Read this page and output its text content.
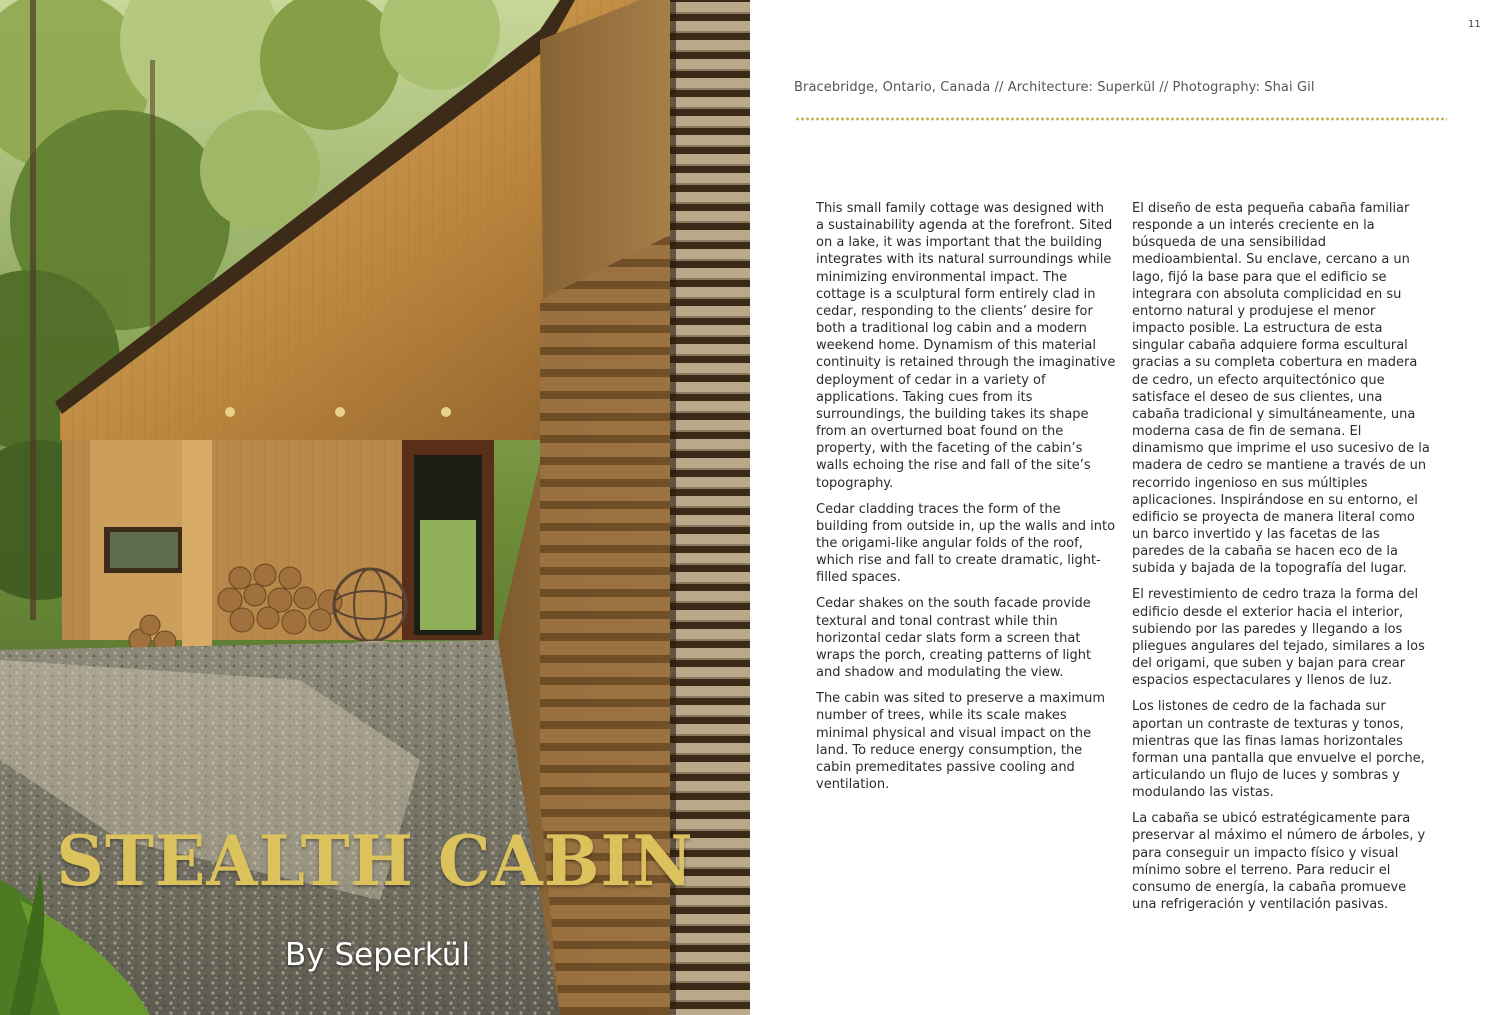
STEALTH CABIN
By Seperkül
11
Bracebridge, Ontario, Canada // Architecture: Superkül // Photography: Shai Gil

This small family cottage was designed with a sustainability agenda at the forefront. Sited on a lake, it was important that the building integrates with its natural surroundings while minimizing environmental impact. The cottage is a sculptural form entirely clad in cedar, responding to the clients’ desire for both a traditional log cabin and a modern weekend home. Dynamism of this material continuity is retained through the imaginative deployment of cedar in a variety of applications. Taking cues from its surroundings, the building takes its shape from an overturned boat found on the property, with the faceting of the cabin’s walls echoing the rise and fall of the site’s topography.

Cedar cladding traces the form of the building from outside in, up the walls and into the origami-like angular folds of the roof, which rise and fall to create dramatic, light-filled spaces.

Cedar shakes on the south facade provide textural and tonal contrast while thin horizontal cedar slats form a screen that wraps the porch, creating patterns of light and shadow and modulating the view.

The cabin was sited to preserve a maximum number of trees, while its scale makes minimal physical and visual impact on the land. To reduce energy consumption, the cabin premeditates passive cooling and ventilation.

El diseño de esta pequeña cabaña familiar responde a un interés creciente en la búsqueda de una sensibilidad medioambiental. Su enclave, cercano a un lago, fijó la base para que el edificio se integrara con absoluta complicidad en su entorno natural y produjese el menor impacto posible. La estructura de esta singular cabaña adquiere forma escultural gracias a su completa cobertura en madera de cedro, un efecto arquitectónico que satisface el deseo de sus clientes, una cabaña tradicional y simultáneamente, una moderna casa de fin de semana. El dinamismo que imprime el uso sucesivo de la madera de cedro se mantiene a través de un recorrido ingenioso en sus múltiples aplicaciones. Inspirándose en su entorno, el edificio se proyecta de manera literal como un barco invertido y las facetas de las paredes de la cabaña se hacen eco de la subida y bajada de la topografía del lugar.

El revestimiento de cedro traza la forma del edificio desde el exterior hacia el interior, subiendo por las paredes y llegando a los pliegues angulares del tejado, similares a los del origami, que suben y bajan para crear espacios espectaculares y llenos de luz.

Los listones de cedro de la fachada sur aportan un contraste de texturas y tonos, mientras que las finas lamas horizontales forman una pantalla que envuelve el porche, articulando un flujo de luces y sombras y modulando las vistas.

La cabaña se ubicó estratégicamente para preservar al máximo el número de árboles, y para conseguir un impacto físico y visual mínimo sobre el terreno. Para reducir el consumo de energía, la cabaña promueve una refrigeración y ventilación pasivas.
